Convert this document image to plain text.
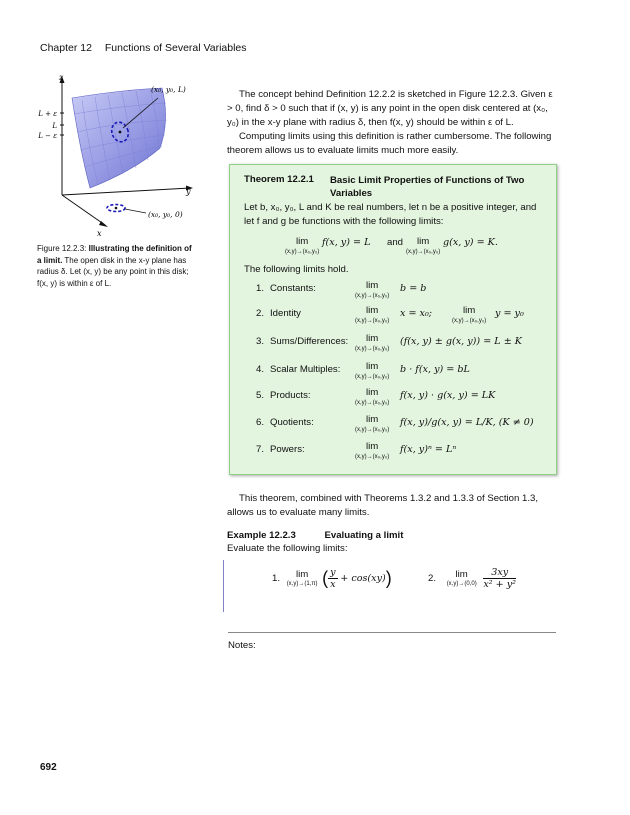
Chapter 12 Functions of Several Variables
z
y
x
(x₀, y₀, L)
(x₀, y₀, 0)
L + ε
L
L − ε
Figure 12.2.3: Illustrating the definition of a limit. The open disk in the x-y plane has radius δ. Let (x, y) be any point in this disk; f(x, y) is within ε of L.
The concept behind Definition 12.2.2 is sketched in Figure 12.2.3. Given ε > 0, find δ > 0 such that if (x, y) is any point in the open disk centered at (x₀, y₀) in the x-y plane with radius δ, then f(x, y) should be within ε of L.
Computing limits using this definition is rather cumbersome. The following theorem allows us to evaluate limits much more easily.
Theorem 12.2.1 Basic Limit Properties of Functions of Two Variables
Let b, x₀, y₀, L and K be real numbers, let n be a positive integer, and let f and g be functions with the following limits:
lim
(x,y)→(x₀,y₀)
f(x, y) = L and	lim
(x,y)→(x₀,y₀)
g(x, y) = K.
The following limits hold.
1. Constants:	lim
(x,y)→(x₀,y₀)
b = b
2. Identity	lim
(x,y)→(x₀,y₀)
x = x₀;	lim
(x,y)→(x₀,y₀)
y = y₀
3. Sums/Differences:	lim
(x,y)→(x₀,y₀)
(f(x, y) ± g(x, y)) = L ± K
4. Scalar Multiples:	lim
(x,y)→(x₀,y₀)
b · f(x, y) = bL
5. Products:	lim
(x,y)→(x₀,y₀)
f(x, y) · g(x, y) = LK
6. Quotients:	lim
(x,y)→(x₀,y₀)
f(x, y)/g(x, y) = L/K, (K ≠ 0)
7. Powers:	lim
(x,y)→(x₀,y₀)
f(x, y)ⁿ = Lⁿ
This theorem, combined with Theorems 1.3.2 and 1.3.3 of Section 1.3, allows us to evaluate many limits.
Example 12.2.3	Evaluating a limit
Evaluate the following limits:
1. lim
(x,y)→(1,π) ( $\frac{y}{x} + \cos(xy)$)	2. lim
(x,y)→(0,0)
$\frac{3xy}{\text{x² + y²}}$
Notes:
692
